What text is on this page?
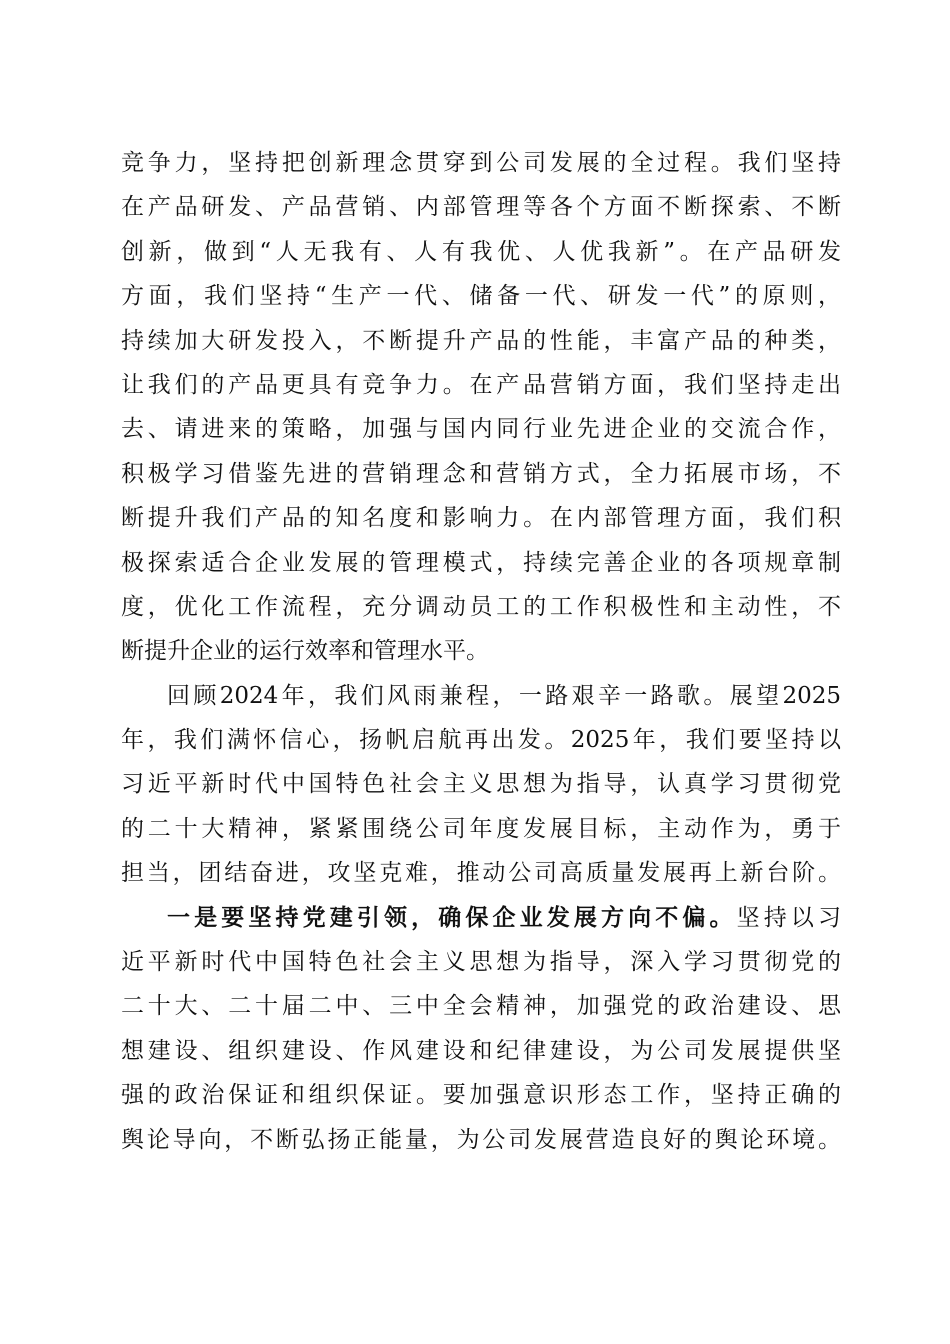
竞争力，坚持把创新理念贯穿到公司发展的全过程。我们坚持
在产品研发、产品营销、内部管理等各个方面不断探索、不断
创新，做到“人无我有、人有我优、人优我新”。在产品研发
方面，我们坚持“生产一代、储备一代、研发一代”的原则，
持续加大研发投入，不断提升产品的性能，丰富产品的种类，
让我们的产品更具有竞争力。在产品营销方面，我们坚持走出
去、请进来的策略，加强与国内同行业先进企业的交流合作，
积极学习借鉴先进的营销理念和营销方式，全力拓展市场，不
断提升我们产品的知名度和影响力。在内部管理方面，我们积
极探索适合企业发展的管理模式，持续完善企业的各项规章制
度，优化工作流程，充分调动员工的工作积极性和主动性，不
断提升企业的运行效率和管理水平。
回顾2024年，我们风雨兼程，一路艰辛一路歌。展望2025
年，我们满怀信心，扬帆启航再出发。2025年，我们要坚持以
习近平新时代中国特色社会主义思想为指导，认真学习贯彻党
的二十大精神，紧紧围绕公司年度发展目标，主动作为，勇于
担当，团结奋进，攻坚克难，推动公司高质量发展再上新台阶。
一是要坚持党建引领，确保企业发展方向不偏。坚持以习
近平新时代中国特色社会主义思想为指导，深入学习贯彻党的
二十大、二十届二中、三中全会精神，加强党的政治建设、思
想建设、组织建设、作风建设和纪律建设，为公司发展提供坚
强的政治保证和组织保证。要加强意识形态工作，坚持正确的
舆论导向，不断弘扬正能量，为公司发展营造良好的舆论环境。
